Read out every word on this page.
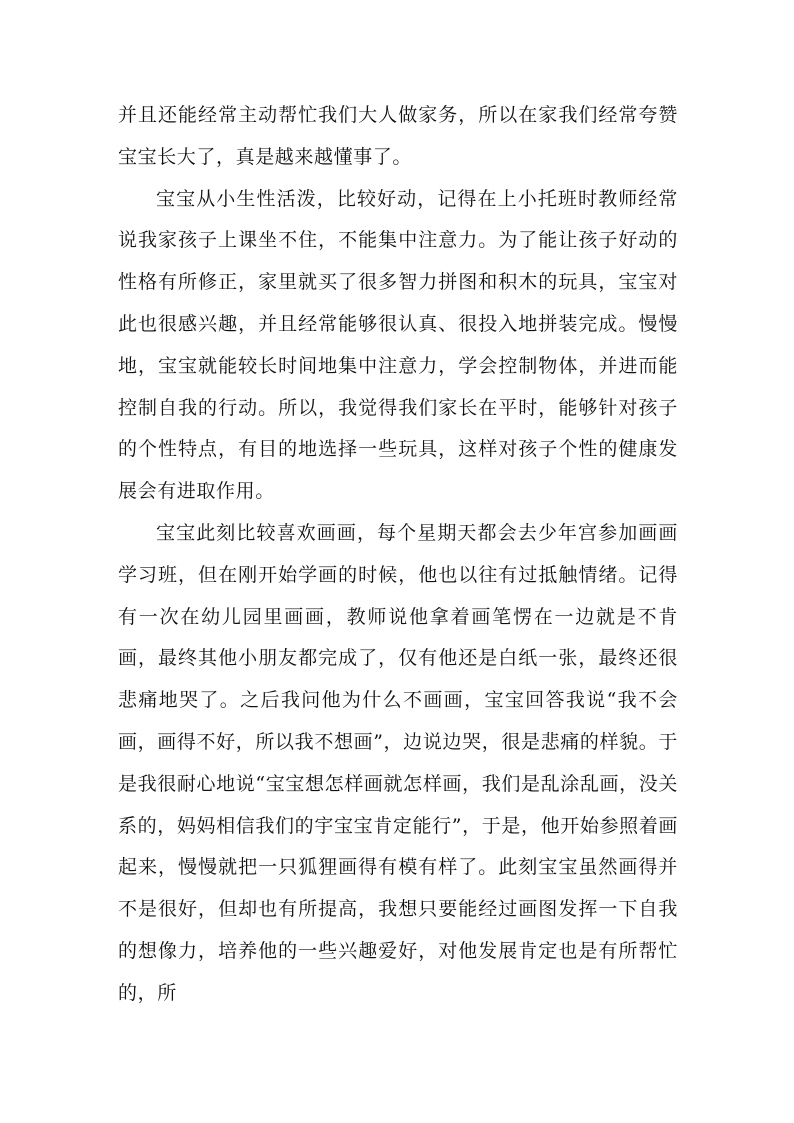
并且还能经常主动帮忙我们大人做家务，所以在家我们经常夸赞宝宝长大了，真是越来越懂事了。

宝宝从小生性活泼，比较好动，记得在上小托班时教师经常说我家孩子上课坐不住，不能集中注意力。为了能让孩子好动的性格有所修正，家里就买了很多智力拼图和积木的玩具，宝宝对此也很感兴趣，并且经常能够很认真、很投入地拼装完成。慢慢地，宝宝就能较长时间地集中注意力，学会控制物体，并进而能控制自我的行动。所以，我觉得我们家长在平时，能够针对孩子的个性特点，有目的地选择一些玩具，这样对孩子个性的健康发展会有进取作用。

宝宝此刻比较喜欢画画，每个星期天都会去少年宫参加画画学习班，但在刚开始学画的时候，他也以往有过抵触情绪。记得有一次在幼儿园里画画，教师说他拿着画笔愣在一边就是不肯画，最终其他小朋友都完成了，仅有他还是白纸一张，最终还很悲痛地哭了。之后我问他为什么不画画，宝宝回答我说“我不会画，画得不好，所以我不想画”，边说边哭，很是悲痛的样貌。于是我很耐心地说“宝宝想怎样画就怎样画，我们是乱涂乱画，没关系的，妈妈相信我们的宇宝宝肯定能行”，于是，他开始参照着画起来，慢慢就把一只狐狸画得有模有样了。此刻宝宝虽然画得并不是很好，但却也有所提高，我想只要能经过画图发挥一下自我的想像力，培养他的一些兴趣爱好，对他发展肯定也是有所帮忙的，所
